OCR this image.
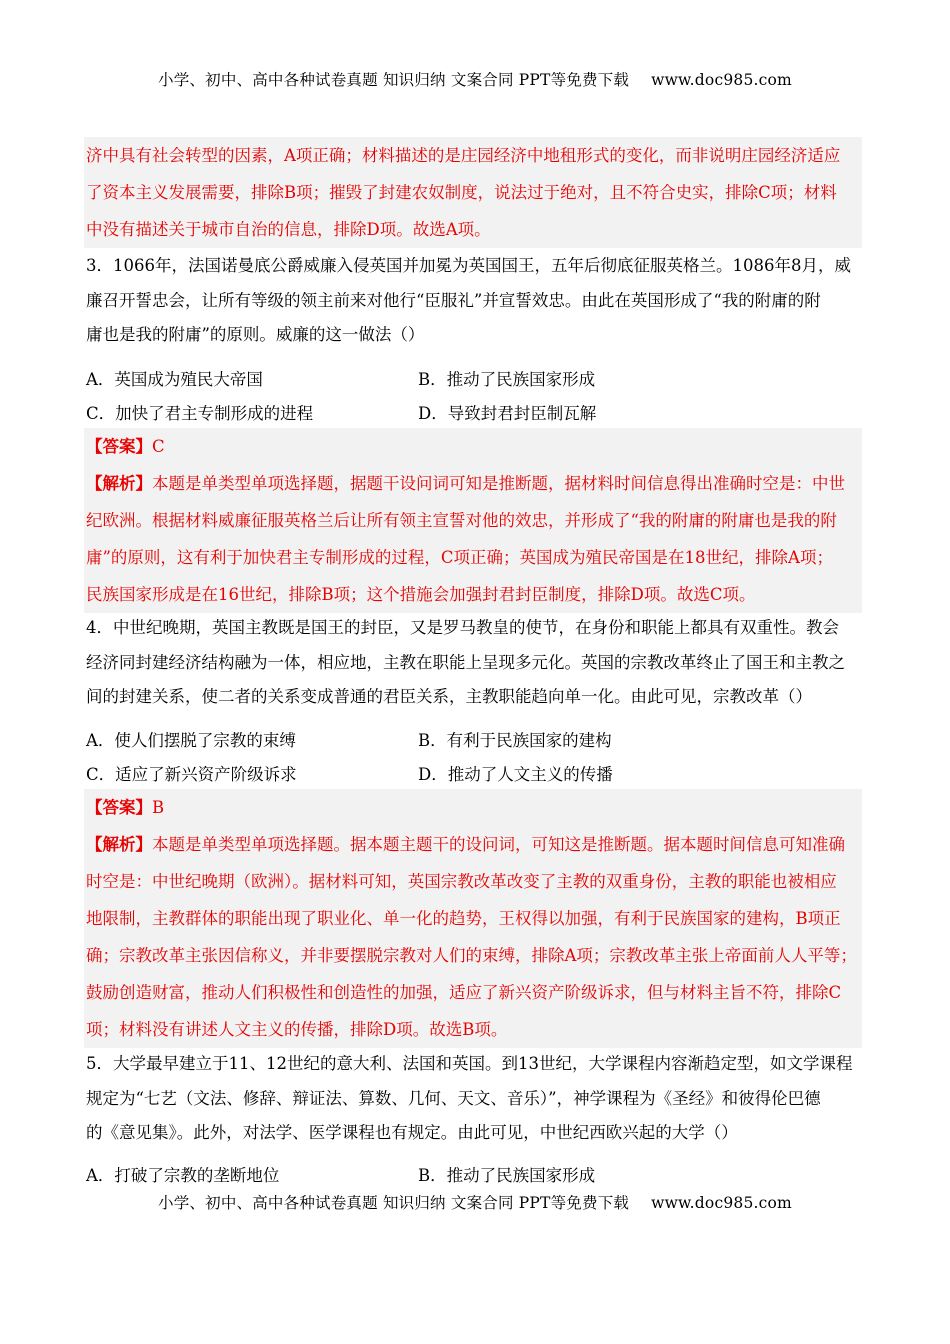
小学、初中、高中各种试卷真题 知识归纳 文案合同 PPT等免费下载 www.doc985.com

济中具有社会转型的因素，A项正确；材料描述的是庄园经济中地租形式的变化，而非说明庄园经济适应

了资本主义发展需要，排除B项；摧毁了封建农奴制度，说法过于绝对，且不符合史实，排除C项；材料

中没有描述关于城市自治的信息，排除D项。故选A项。

3．1066年，法国诺曼底公爵威廉入侵英国并加冕为英国国王，五年后彻底征服英格兰。1086年8月，威

廉召开誓忠会，让所有等级的领主前来对他行“臣服礼”并宣誓效忠。由此在英国形成了“我的附庸的附

庸也是我的附庸”的原则。威廉的这一做法（）

A．英国成为殖民大帝国	B．推动了民族国家形成
C．加快了君主专制形成的进程	D．导致封君封臣制瓦解

【答案】C

【解析】本题是单类型单项选择题，据题干设问词可知是推断题，据材料时间信息得出准确时空是：中世

纪欧洲。根据材料威廉征服英格兰后让所有领主宣誓对他的效忠，并形成了“我的附庸的附庸也是我的附

庸”的原则，这有利于加快君主专制形成的过程，C项正确；英国成为殖民帝国是在18世纪，排除A项；

民族国家形成是在16世纪，排除B项；这个措施会加强封君封臣制度，排除D项。故选C项。

4．中世纪晚期，英国主教既是国王的封臣，又是罗马教皇的使节，在身份和职能上都具有双重性。教会

经济同封建经济结构融为一体，相应地，主教在职能上呈现多元化。英国的宗教改革终止了国王和主教之

间的封建关系，使二者的关系变成普通的君臣关系，主教职能趋向单一化。由此可见，宗教改革（）

A．使人们摆脱了宗教的束缚	B．有利于民族国家的建构
C．适应了新兴资产阶级诉求	D．推动了人文主义的传播

【答案】B

【解析】本题是单类型单项选择题。据本题主题干的设问词，可知这是推断题。据本题时间信息可知准确

时空是：中世纪晚期（欧洲）。据材料可知，英国宗教改革改变了主教的双重身份，主教的职能也被相应

地限制，主教群体的职能出现了职业化、单一化的趋势，王权得以加强，有利于民族国家的建构，B项正

确；宗教改革主张因信称义，并非要摆脱宗教对人们的束缚，排除A项；宗教改革主张上帝面前人人平等；

鼓励创造财富，推动人们积极性和创造性的加强，适应了新兴资产阶级诉求，但与材料主旨不符，排除C

项；材料没有讲述人文主义的传播，排除D项。故选B项。

5．大学最早建立于11、12世纪的意大利、法国和英国。到13世纪，大学课程内容渐趋定型，如文学课程

规定为“七艺（文法、修辞、辩证法、算数、几何、天文、音乐）”，神学课程为《圣经》和彼得伦巴德

的《意见集》。此外，对法学、医学课程也有规定。由此可见，中世纪西欧兴起的大学（）

A．打破了宗教的垄断地位	B．推动了民族国家形成
小学、初中、高中各种试卷真题 知识归纳 文案合同 PPT等免费下载 www.doc985.com
